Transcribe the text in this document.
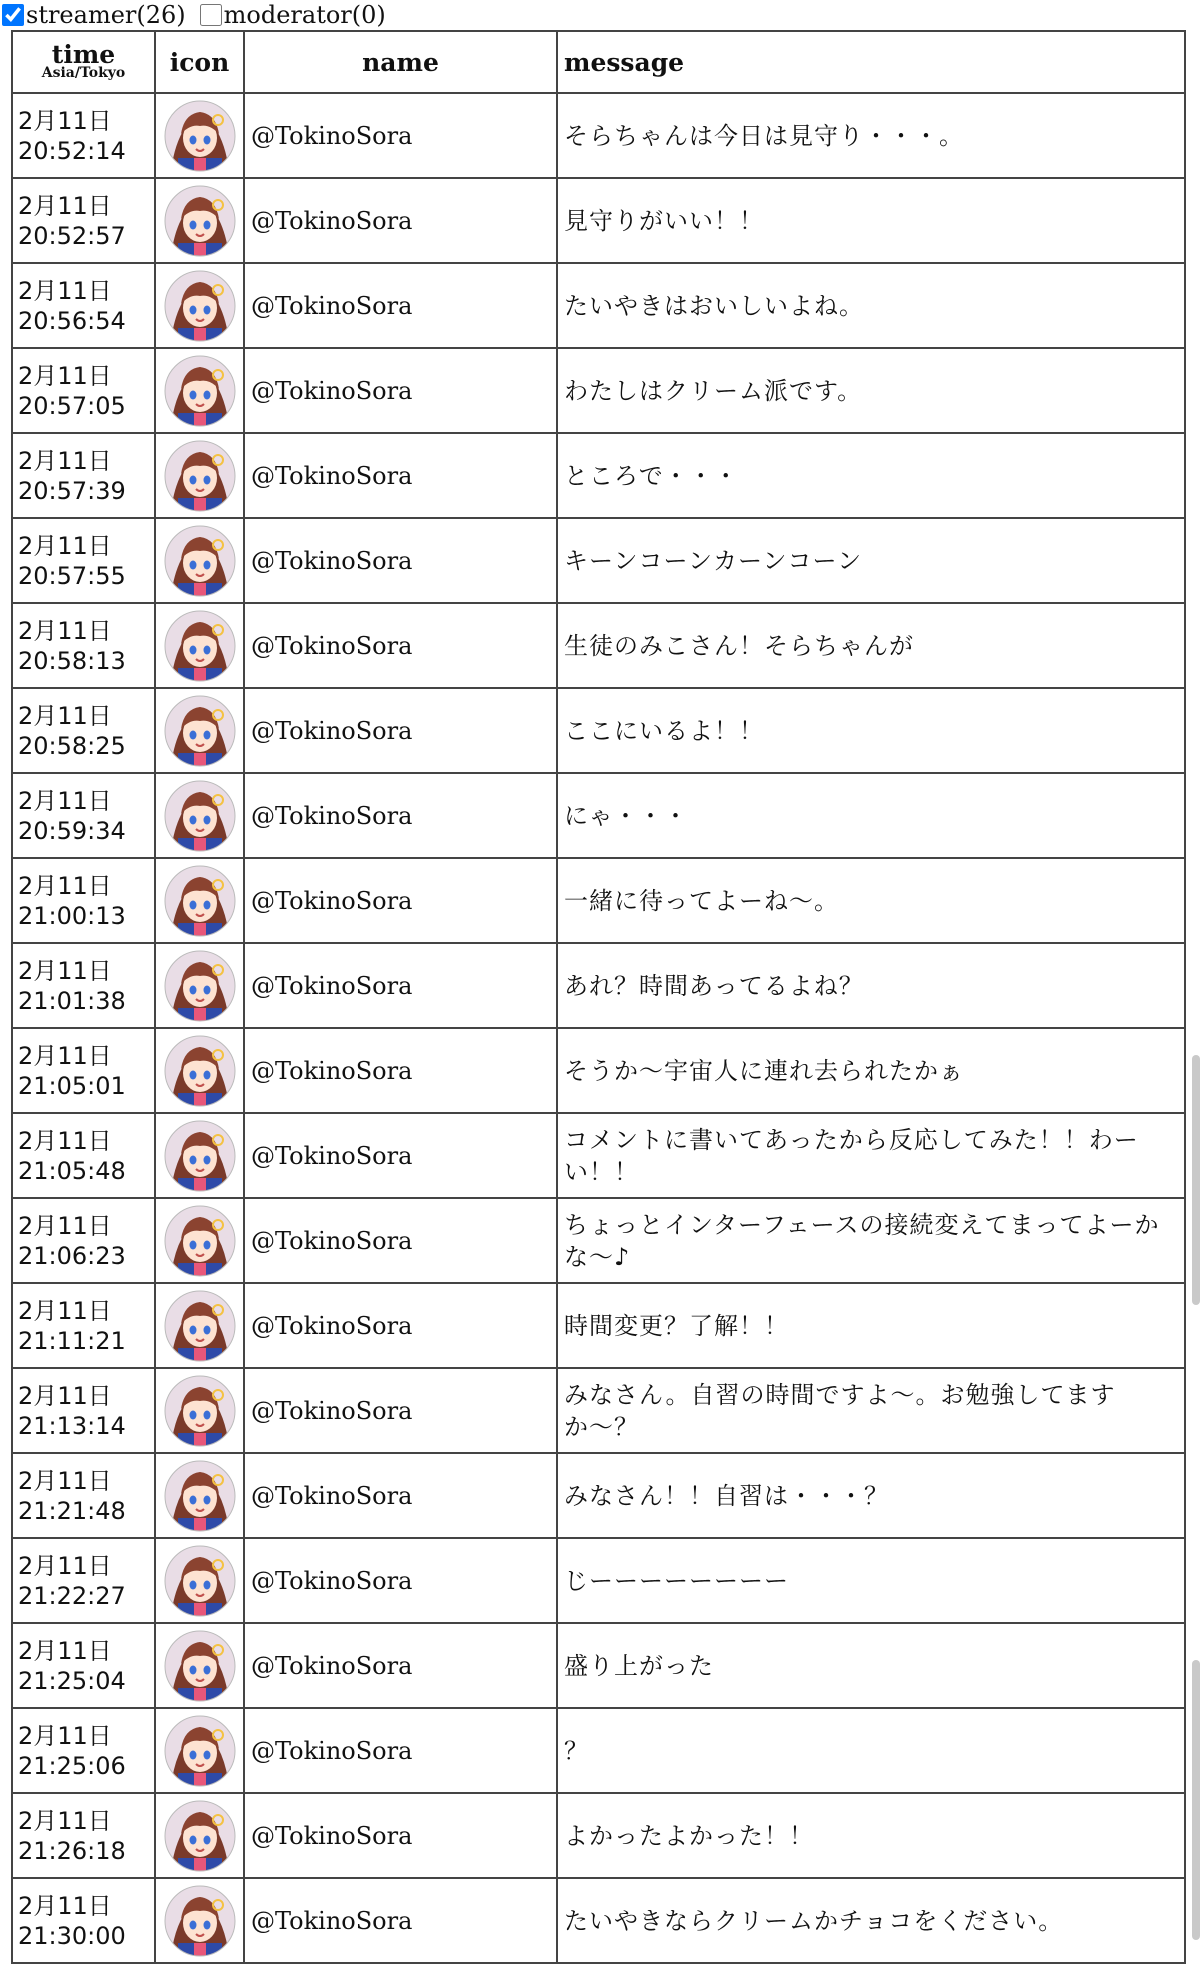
streamer(26) moderator(0)
time
Asia/Tokyo	icon	name	message

2月11日
20:52:14		@TokinoSora	そらちゃんは今日は見守り・・・。

2月11日
20:52:57		@TokinoSora	見守りがいい！！

2月11日
20:56:54		@TokinoSora	たいやきはおいしいよね。

2月11日
20:57:05		@TokinoSora	わたしはクリーム派です。

2月11日
20:57:39		@TokinoSora	ところで・・・

2月11日
20:57:55		@TokinoSora	キーンコーンカーンコーン

2月11日
20:58:13		@TokinoSora	生徒のみこさん！そらちゃんが

2月11日
20:58:25		@TokinoSora	ここにいるよ！！

2月11日
20:59:34		@TokinoSora	にゃ・・・

2月11日
21:00:13		@TokinoSora	一緒に待ってよーね〜。

2月11日
21:01:38		@TokinoSora	あれ？時間あってるよね？

2月11日
21:05:01		@TokinoSora	そうか〜宇宙人に連れ去られたかぁ

2月11日
21:05:48		@TokinoSora	コメントに書いてあったから反応してみた！！わーい！！

2月11日
21:06:23		@TokinoSora	ちょっとインターフェースの接続変えてまってよーかな〜♪

2月11日
21:11:21		@TokinoSora	時間変更？了解！！

2月11日
21:13:14		@TokinoSora	みなさん。自習の時間ですよ〜。お勉強してますか〜？

2月11日
21:21:48		@TokinoSora	みなさん！！自習は・・・？

2月11日
21:22:27		@TokinoSora	じーーーーーーーー

2月11日
21:25:04		@TokinoSora	盛り上がった

2月11日
21:25:06		@TokinoSora	？

2月11日
21:26:18		@TokinoSora	よかったよかった！！

2月11日
21:30:00		@TokinoSora	たいやきならクリームかチョコをください。
